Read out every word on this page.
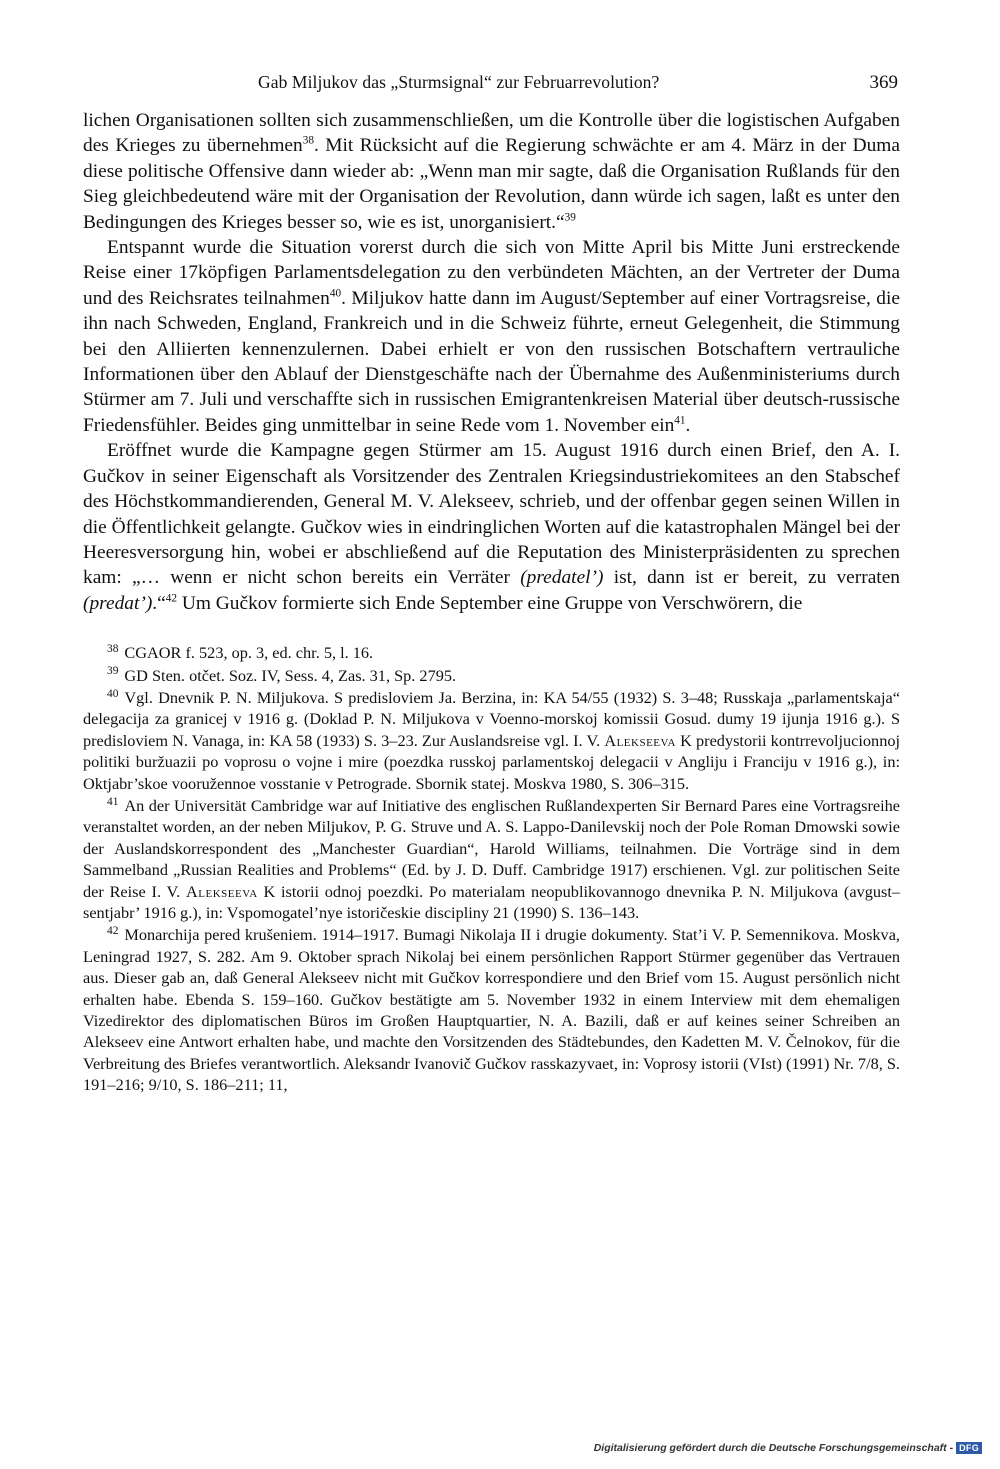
Gab Miljukov das „Sturmsignal“ zur Februarrevolution?	369

lichen Organisationen sollten sich zusammenschließen, um die Kontrolle über die logistischen Aufgaben des Krieges zu übernehmen$^{38}$. Mit Rücksicht auf die Regierung schwächte er am 4. März in der Duma diese politische Offensive dann wieder ab: „Wenn man mir sagte, daß die Organisation Rußlands für den Sieg gleichbedeutend wäre mit der Organisation der Revolution, dann würde ich sagen, laßt es unter den Bedingungen des Krieges besser so, wie es ist, unorganisiert.“$^{39}$

Entspannt wurde die Situation vorerst durch die sich von Mitte April bis Mitte Juni erstreckende Reise einer 17köpfigen Parlamentsdelegation zu den verbündeten Mächten, an der Vertreter der Duma und des Reichsrates teilnahmen$^{40}$. Miljukov hatte dann im August/September auf einer Vortragsreise, die ihn nach Schweden, England, Frankreich und in die Schweiz führte, erneut Gelegenheit, die Stimmung bei den Alliierten kennenzulernen. Dabei erhielt er von den russischen Botschaftern vertrauliche Informationen über den Ablauf der Dienstgeschäfte nach der Übernahme des Außenministeriums durch Stürmer am 7. Juli und verschaffte sich in russischen Emigrantenkreisen Material über deutsch-russische Friedensfühler. Beides ging unmittelbar in seine Rede vom 1. November ein$^{41}$.

Eröffnet wurde die Kampagne gegen Stürmer am 15. August 1916 durch einen Brief, den A. I. Gučkov in seiner Eigenschaft als Vorsitzender des Zentralen Kriegsindustriekomitees an den Stabschef des Höchstkommandierenden, General M. V. Alekseev, schrieb, und der offenbar gegen seinen Willen in die Öffentlichkeit gelangte. Gučkov wies in eindringlichen Worten auf die katastrophalen Mängel bei der Heeresversorgung hin, wobei er abschließend auf die Reputation des Ministerpräsidenten zu sprechen kam: „… wenn er nicht schon bereits ein Verräter (predatel’) ist, dann ist er bereit, zu verraten (predat’).“$^{42}$ Um Gučkov formierte sich Ende September eine Gruppe von Verschwörern, die

$^{38}$ CGAOR f. 523, op. 3, ed. chr. 5, l. 16.

$^{39}$ GD Sten. otčet. Soz. IV, Sess. 4, Zas. 31, Sp. 2795.

$^{40}$ Vgl. Dnevnik P. N. Miljukova. S predisloviem Ja. Berzina, in: KA 54/55 (1932) S. 3–48; Russkaja „parlamentskaja“ delegacija za granicej v 1916 g. (Doklad P. N. Miljukova v Voenno-morskoj komissii Gosud. dumy 19 ijunja 1916 g.). S predisloviem N. Vanaga, in: KA 58 (1933) S. 3–23. Zur Auslandsreise vgl. I. V. Alekseeva K predystorii kontrrevoljucionnoj politiki buržuazii po voprosu o vojne i mire (poezdka russkoj parlamentskoj delegacii v Angliju i Franciju v 1916 g.), in: Oktjabr’skoe vooružennoe vosstanie v Petrograde. Sbornik statej. Moskva 1980, S. 306–315.

$^{41}$ An der Universität Cambridge war auf Initiative des englischen Rußlandexperten Sir Bernard Pares eine Vortragsreihe veranstaltet worden, an der neben Miljukov, P. G. Struve und A. S. Lappo-Danilevskij noch der Pole Roman Dmowski sowie der Auslandskorrespondent des „Manchester Guardian“, Harold Williams, teilnahmen. Die Vorträge sind in dem Sammelband „Russian Realities and Problems“ (Ed. by J. D. Duff. Cambridge 1917) erschienen. Vgl. zur politischen Seite der Reise I. V. Alekseeva K istorii odnoj poezdki. Po materialam neopublikovannogo dnevnika P. N. Miljukova (avgust–sentjabr’ 1916 g.), in: Vspomogatel’nye istoričeskie discipliny 21 (1990) S. 136–143.

$^{42}$ Monarchija pered krušeniem. 1914–1917. Bumagi Nikolaja II i drugie dokumenty. Stat’i V. P. Semennikova. Moskva, Leningrad 1927, S. 282. Am 9. Oktober sprach Nikolaj bei einem persönlichen Rapport Stürmer gegenüber das Vertrauen aus. Dieser gab an, daß General Alekseev nicht mit Gučkov korrespondiere und den Brief vom 15. August persönlich nicht erhalten habe. Ebenda S. 159–160. Gučkov bestätigte am 5. November 1932 in einem Interview mit dem ehemaligen Vizedirektor des diplomatischen Büros im Großen Hauptquartier, N. A. Bazili, daß er auf keines seiner Schreiben an Alekseev eine Antwort erhalten habe, und machte den Vorsitzenden des Städtebundes, den Kadetten M. V. Čelnokov, für die Verbreitung des Briefes verantwortlich. Aleksandr Ivanovič Gučkov rasskazyvaet, in: Voprosy istorii (VIst) (1991) Nr. 7/8, S. 191–216; 9/10, S. 186–211; 11,

Digitalisierung gefördert durch die Deutsche Forschungsgemeinschaft - DFG
